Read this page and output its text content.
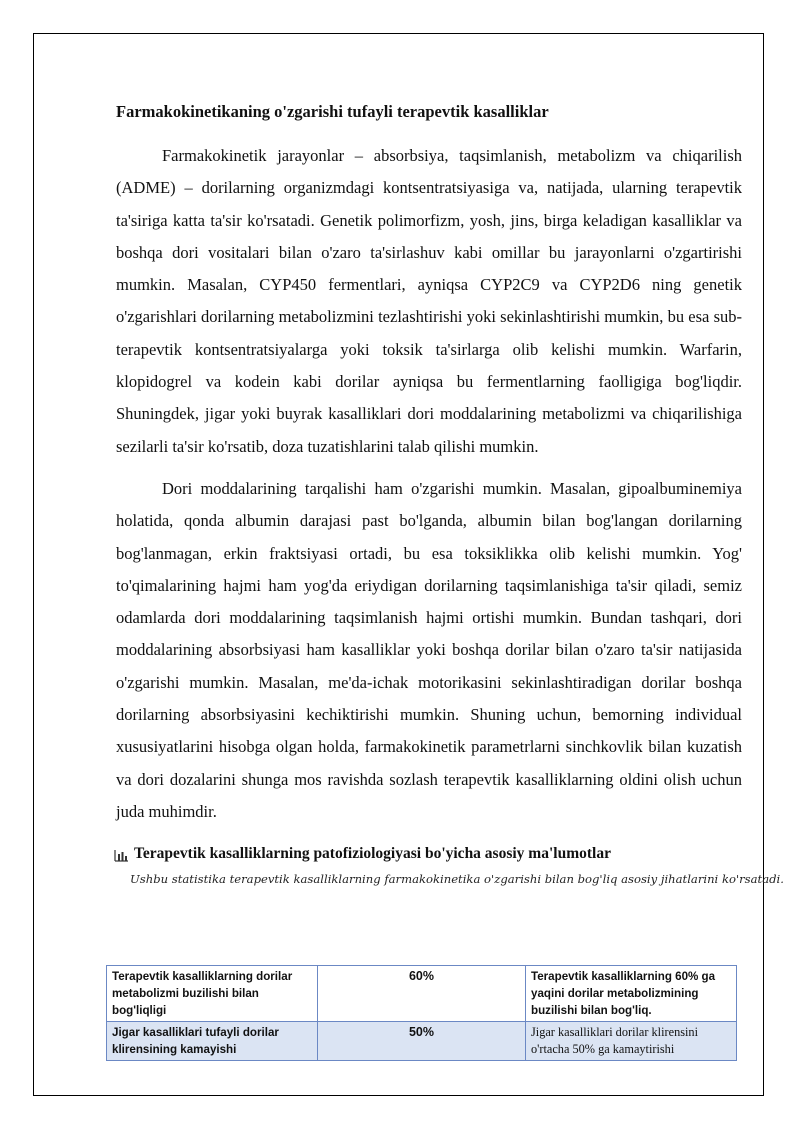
Farmakokinetikaning o'zgarishi tufayli terapevtik kasalliklar

Farmakokinetik jarayonlar – absorbsiya, taqsimlanish, metabolizm va chiqarilish (ADME) – dorilarning organizmdagi kontsentratsiyasiga va, natijada, ularning terapevtik ta'siriga katta ta'sir ko'rsatadi. Genetik polimorfizm, yosh, jins, birga keladigan kasalliklar va boshqa dori vositalari bilan o'zaro ta'sirlashuv kabi omillar bu jarayonlarni o'zgartirishi mumkin. Masalan, CYP450 fermentlari, ayniqsa CYP2C9 va CYP2D6 ning genetik o'zgarishlari dorilarning metabolizmini tezlashtirishi yoki sekinlashtirishi mumkin, bu esa sub-terapevtik kontsentratsiyalarga yoki toksik ta'sirlarga olib kelishi mumkin. Warfarin, klopidogrel va kodein kabi dorilar ayniqsa bu fermentlarning faolligiga bog'liqdir. Shuningdek, jigar yoki buyrak kasalliklari dori moddalarining metabolizmi va chiqarilishiga sezilarli ta'sir ko'rsatib, doza tuzatishlarini talab qilishi mumkin.

Dori moddalarining tarqalishi ham o'zgarishi mumkin. Masalan, gipoalbuminemiya holatida, qonda albumin darajasi past bo'lganda, albumin bilan bog'langan dorilarning bog'lanmagan, erkin fraktsiyasi ortadi, bu esa toksiklikka olib kelishi mumkin. Yog' to'qimalarining hajmi ham yog'da eriydigan dorilarning taqsimlanishiga ta'sir qiladi, semiz odamlarda dori moddalarining taqsimlanish hajmi ortishi mumkin. Bundan tashqari, dori moddalarining absorbsiyasi ham kasalliklar yoki boshqa dorilar bilan o'zaro ta'sir natijasida o'zgarishi mumkin. Masalan, me'da-ichak motorikasini sekinlashtiradigan dorilar boshqa dorilarning absorbsiyasini kechiktirishi mumkin. Shuning uchun, bemorning individual xususiyatlarini hisobga olgan holda, farmakokinetik parametrlarni sinchkovlik bilan kuzatish va dori dozalarini shunga mos ravishda sozlash terapevtik kasalliklarning oldini olish uchun juda muhimdir.

Terapevtik kasalliklarning patofiziologiyasi bo'yicha asosiy ma'lumotlar
Ushbu statistika terapevtik kasalliklarning farmakokinetika o'zgarishi bilan bog'liq asosiy jihatlarini ko'rsatadi.
Terapevtik kasalliklarning dorilar metabolizmi buzilishi bilan bog'liqligi	60%	Terapevtik kasalliklarning 60% ga yaqini dorilar metabolizmining buzilishi bilan bog'liq.
Jigar kasalliklari tufayli dorilar klirensining kamayishi	50%	Jigar kasalliklari dorilar klirensini o'rtacha 50% ga kamaytirishi
